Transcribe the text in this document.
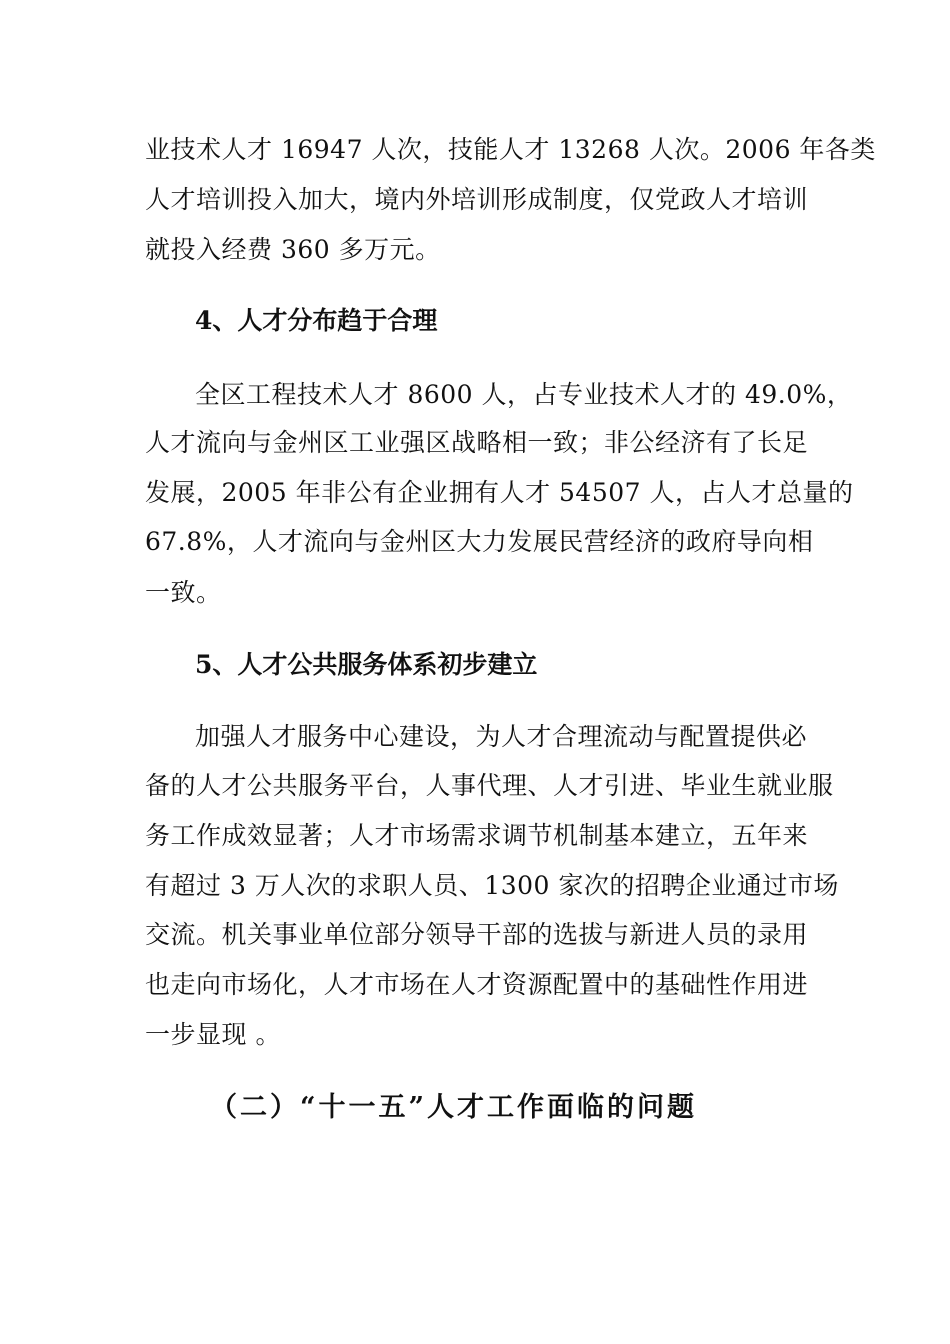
业技术人才 16947 人次，技能人才 13268 人次。2006 年各类
人才培训投入加大，境内外培训形成制度，仅党政人才培训
就投入经费 360 多万元。
4、人才分布趋于合理
全区工程技术人才 8600 人，占专业技术人才的 49.0%，
人才流向与金州区工业强区战略相一致；非公经济有了长足
发展，2005 年非公有企业拥有人才 54507 人，占人才总量的
67.8%，人才流向与金州区大力发展民营经济的政府导向相
一致。
5、人才公共服务体系初步建立
加强人才服务中心建设，为人才合理流动与配置提供必
备的人才公共服务平台，人事代理、人才引进、毕业生就业服
务工作成效显著；人才市场需求调节机制基本建立，五年来
有超过 3 万人次的求职人员、1300 家次的招聘企业通过市场
交流。机关事业单位部分领导干部的选拔与新进人员的录用
也走向市场化，人才市场在人才资源配置中的基础性作用进
一步显现 。
（二）“十一五”人才工作面临的问题
